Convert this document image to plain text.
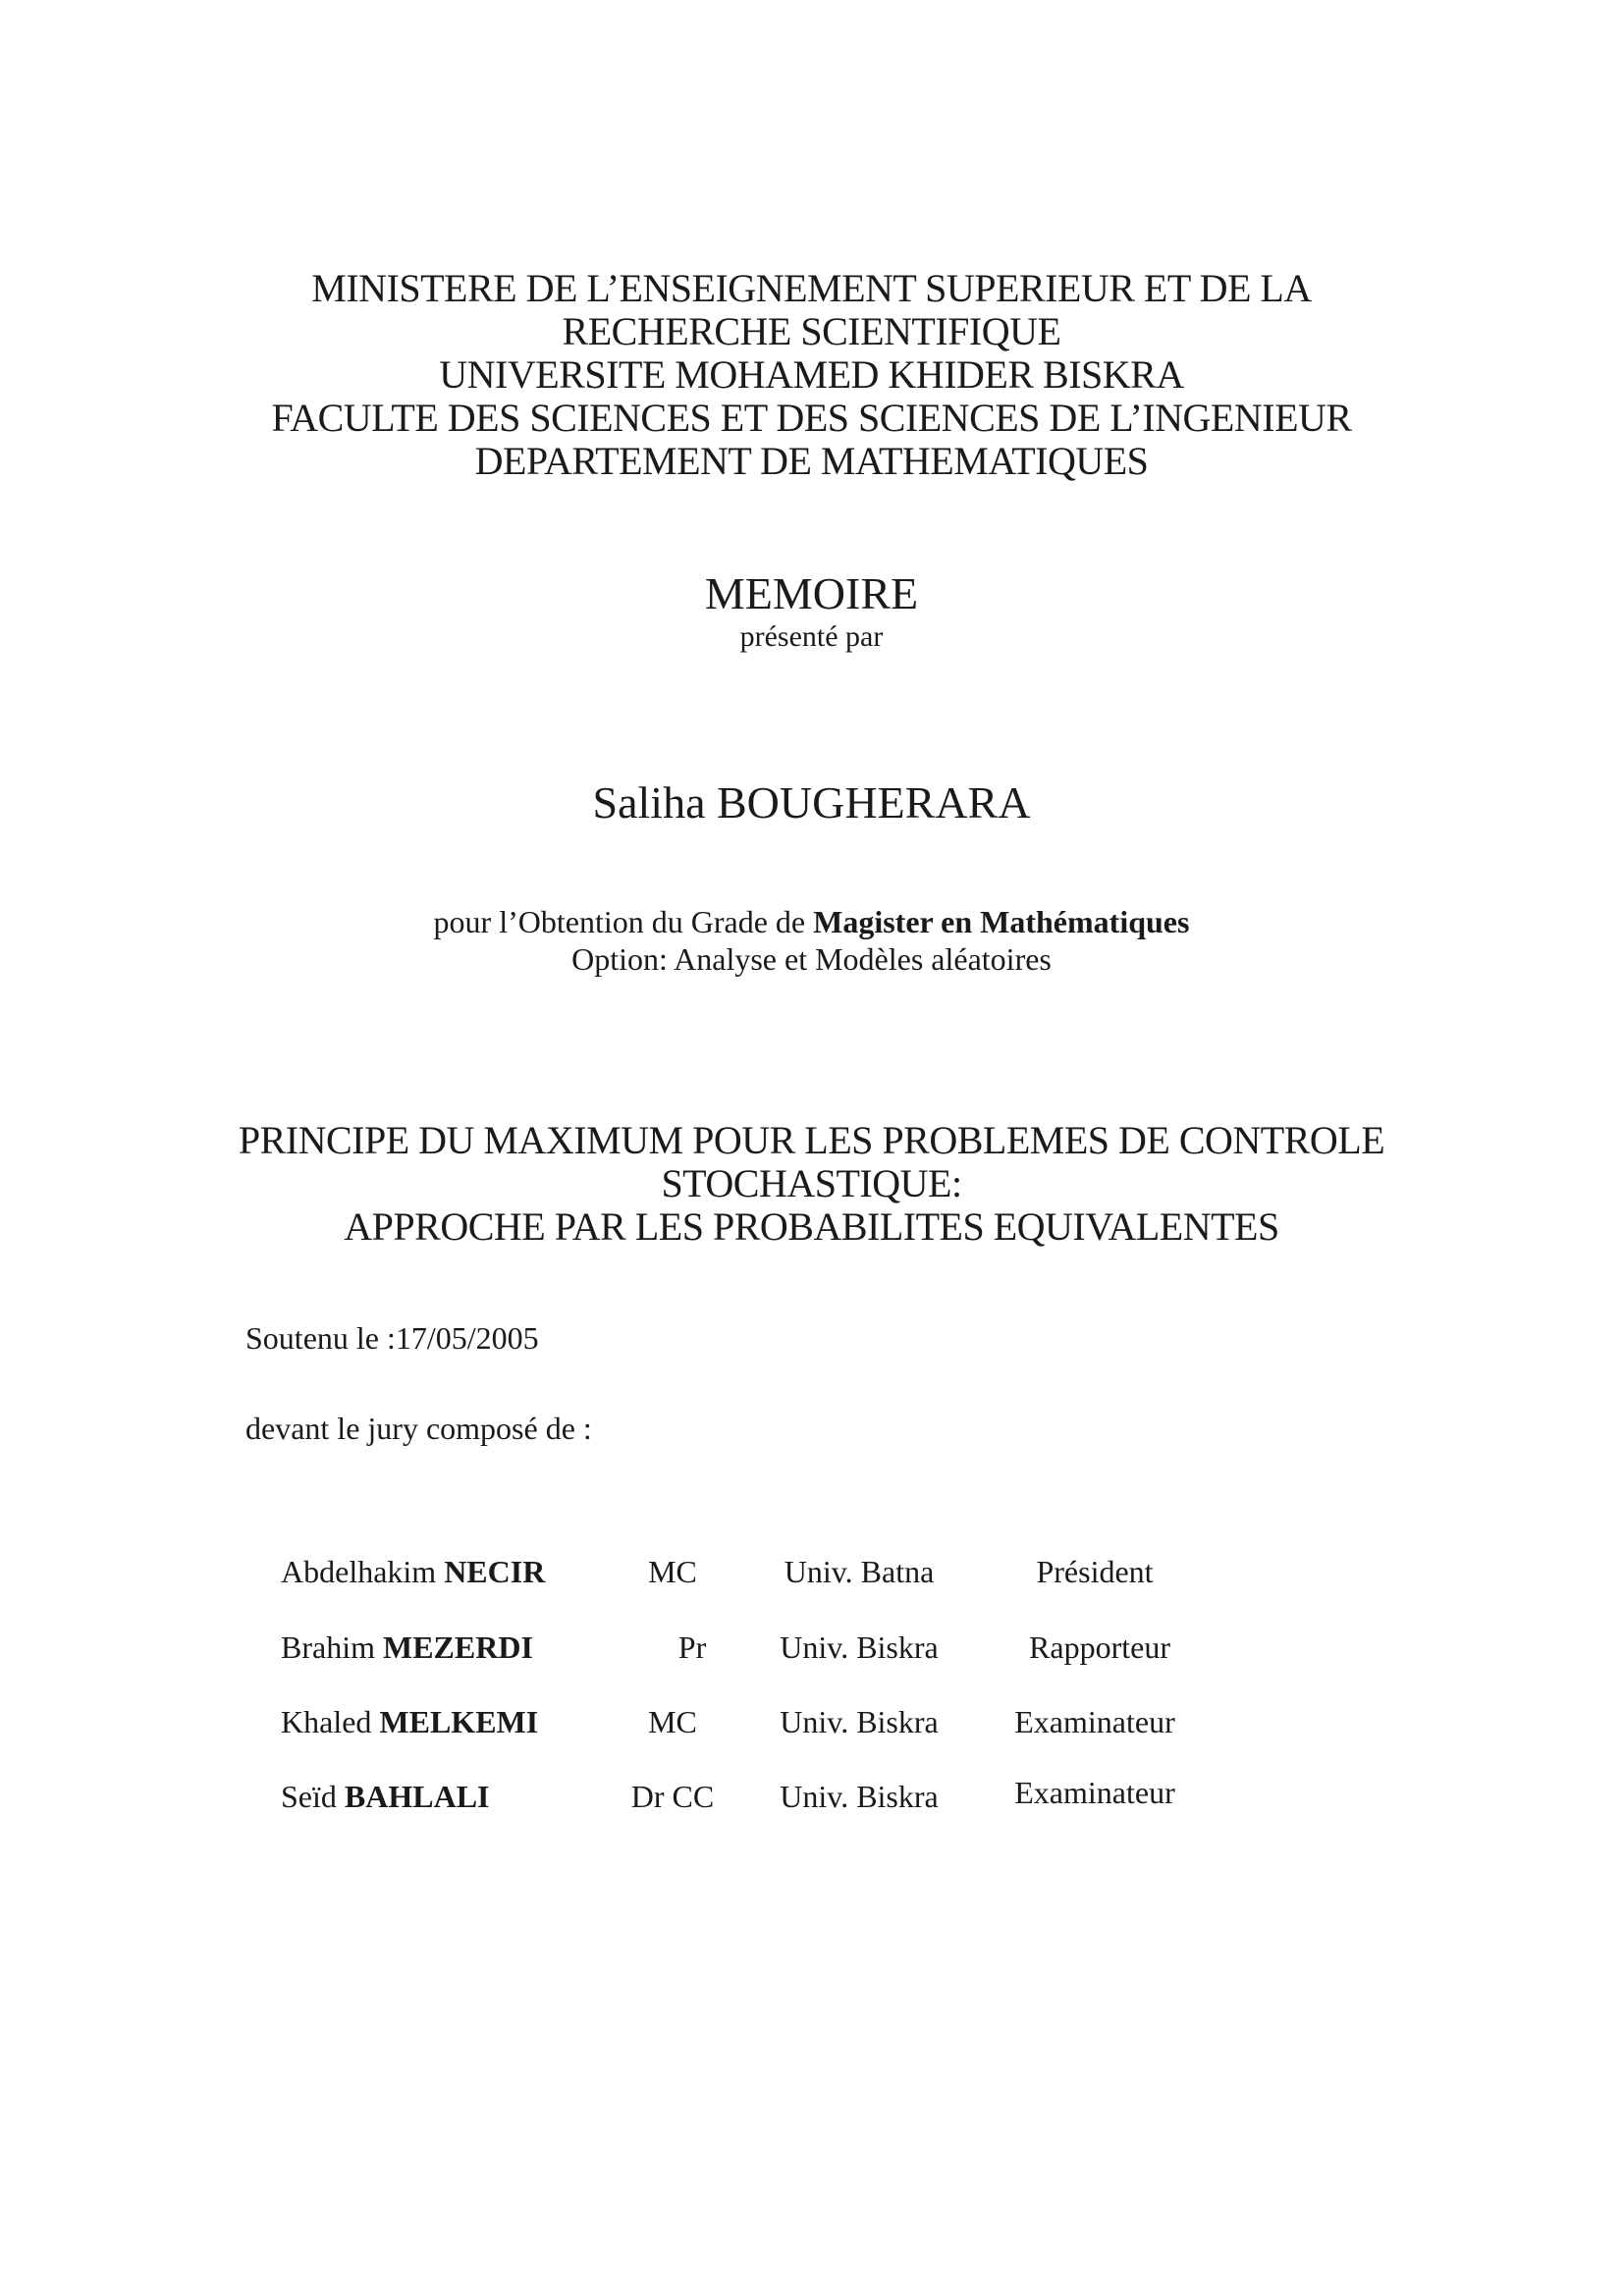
MINISTERE DE L’ENSEIGNEMENT SUPERIEUR ET DE LA
RECHERCHE SCIENTIFIQUE
UNIVERSITE MOHAMED KHIDER BISKRA
FACULTE DES SCIENCES ET DES SCIENCES DE L’INGENIEUR
DEPARTEMENT DE MATHEMATIQUES
MEMOIRE
présenté par
Saliha BOUGHERARA
pour l’Obtention du Grade de Magister en Mathématiques
Option: Analyse et Modèles aléatoires
PRINCIPE DU MAXIMUM POUR LES PROBLEMES DE CONTROLE
STOCHASTIQUE:
APPROCHE PAR LES PROBABILITES EQUIVALENTES
Soutenu le :17/05/2005
devant le jury composé de :
Abdelhakim NECIR	MC	Univ. Batna	Président
Brahim MEZERDI	Pr	Univ. Biskra	Rapporteur
Khaled MELKEMI	MC	Univ. Biskra	Examinateur
Seïd BAHLALI	Dr CC	Univ. Biskra	Examinateur
